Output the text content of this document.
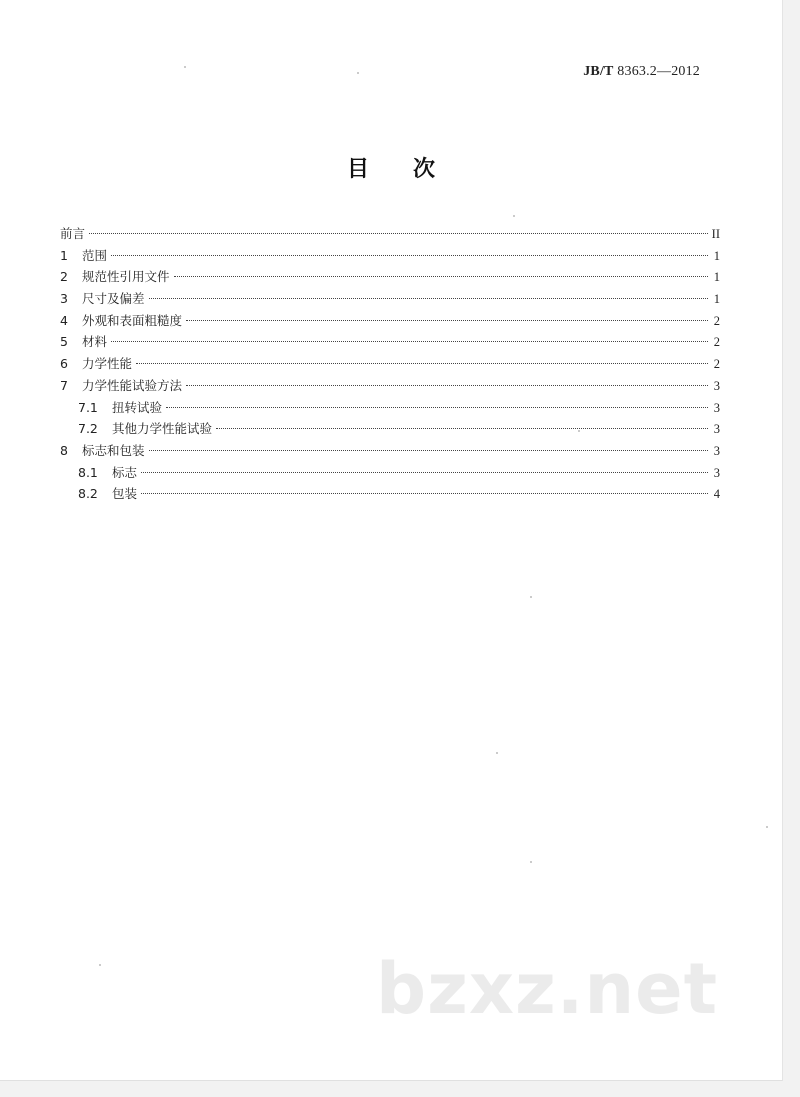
JB/T 8363.2—2012
目次
前言	II
1	范围	1
2	规范性引用文件	1
3	尺寸及偏差	1
4	外观和表面粗糙度	2
5	材料	2
6	力学性能	2
7	力学性能试验方法	3
7.1	扭转试验	3
7.2	其他力学性能试验	3
8	标志和包装	3
8.1	标志	3
8.2	包装	4
bzxz.net
